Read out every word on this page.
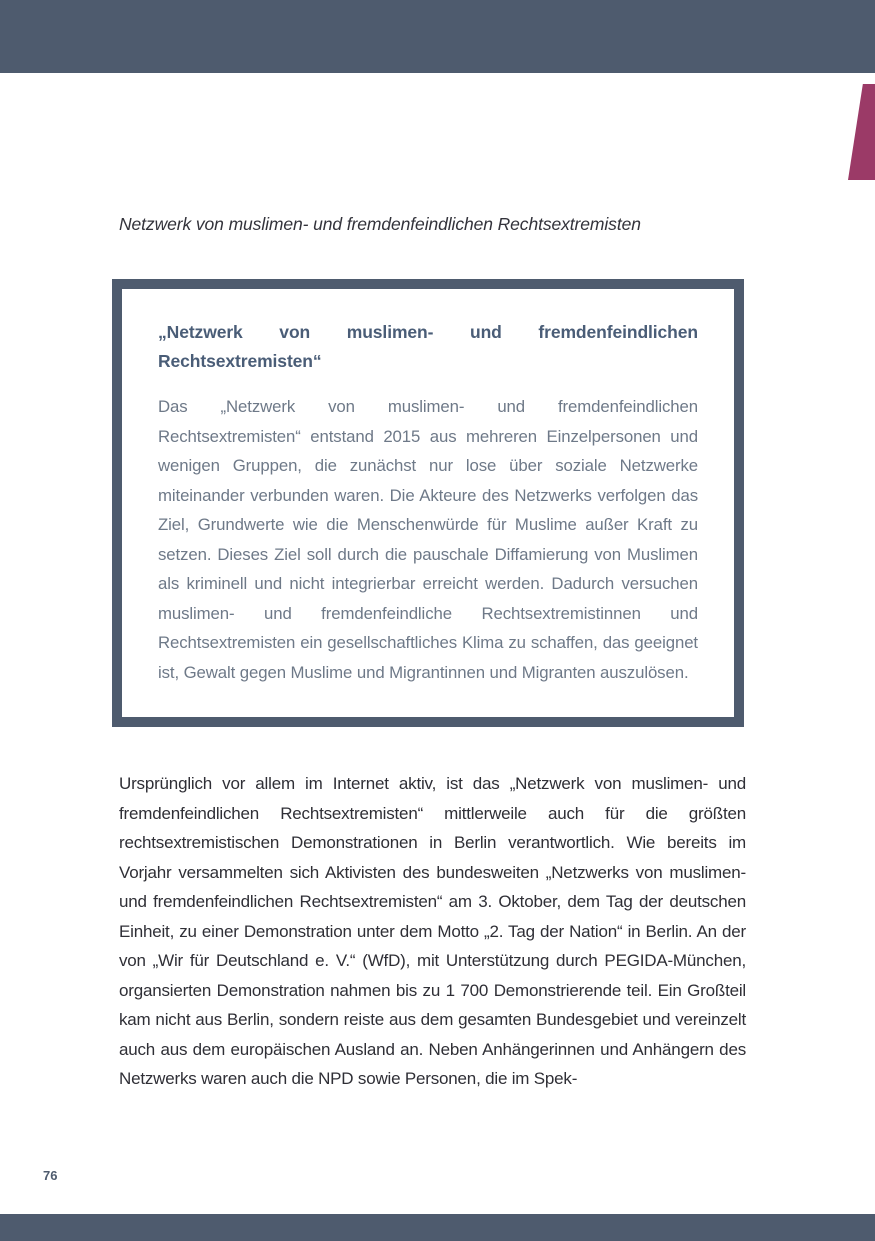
Netzwerk von muslimen- und fremdenfeindlichen Rechtsextremisten
„Netzwerk von muslimen- und fremdenfeindlichen Rechtsextremisten“

Das „Netzwerk von muslimen- und fremdenfeindlichen Rechtsextremisten“ entstand 2015 aus mehreren Einzelpersonen und wenigen Gruppen, die zunächst nur lose über soziale Netzwerke miteinander verbunden waren. Die Akteure des Netzwerks verfolgen das Ziel, Grundwerte wie die Menschenwürde für Muslime außer Kraft zu setzen. Dieses Ziel soll durch die pauschale Diffamierung von Muslimen als kriminell und nicht integrierbar erreicht werden. Dadurch versuchen muslimen- und fremdenfeindliche Rechtsextremistinnen und Rechtsextremisten ein gesellschaftliches Klima zu schaffen, das geeignet ist, Gewalt gegen Muslime und Migrantinnen und Migranten auszulösen.

Ursprünglich vor allem im Internet aktiv, ist das „Netzwerk von muslimen- und fremdenfeindlichen Rechtsextremisten“ mittlerweile auch für die größten rechtsextremistischen Demonstrationen in Berlin verantwortlich. Wie bereits im Vorjahr versammelten sich Aktivisten des bundesweiten „Netzwerks von muslimen- und fremdenfeindlichen Rechtsextremisten“ am 3. Oktober, dem Tag der deutschen Einheit, zu einer Demonstration unter dem Motto „2. Tag der Nation“ in Berlin. An der von „Wir für Deutschland e. V.“ (WfD), mit Unterstützung durch PEGIDA-München, organsierten Demonstration nahmen bis zu 1 700 Demonstrierende teil. Ein Großteil kam nicht aus Berlin, sondern reiste aus dem gesamten Bundesgebiet und vereinzelt auch aus dem europäischen Ausland an. Neben Anhängerinnen und Anhängern des Netzwerks waren auch die NPD sowie Personen, die im Spek-

76
